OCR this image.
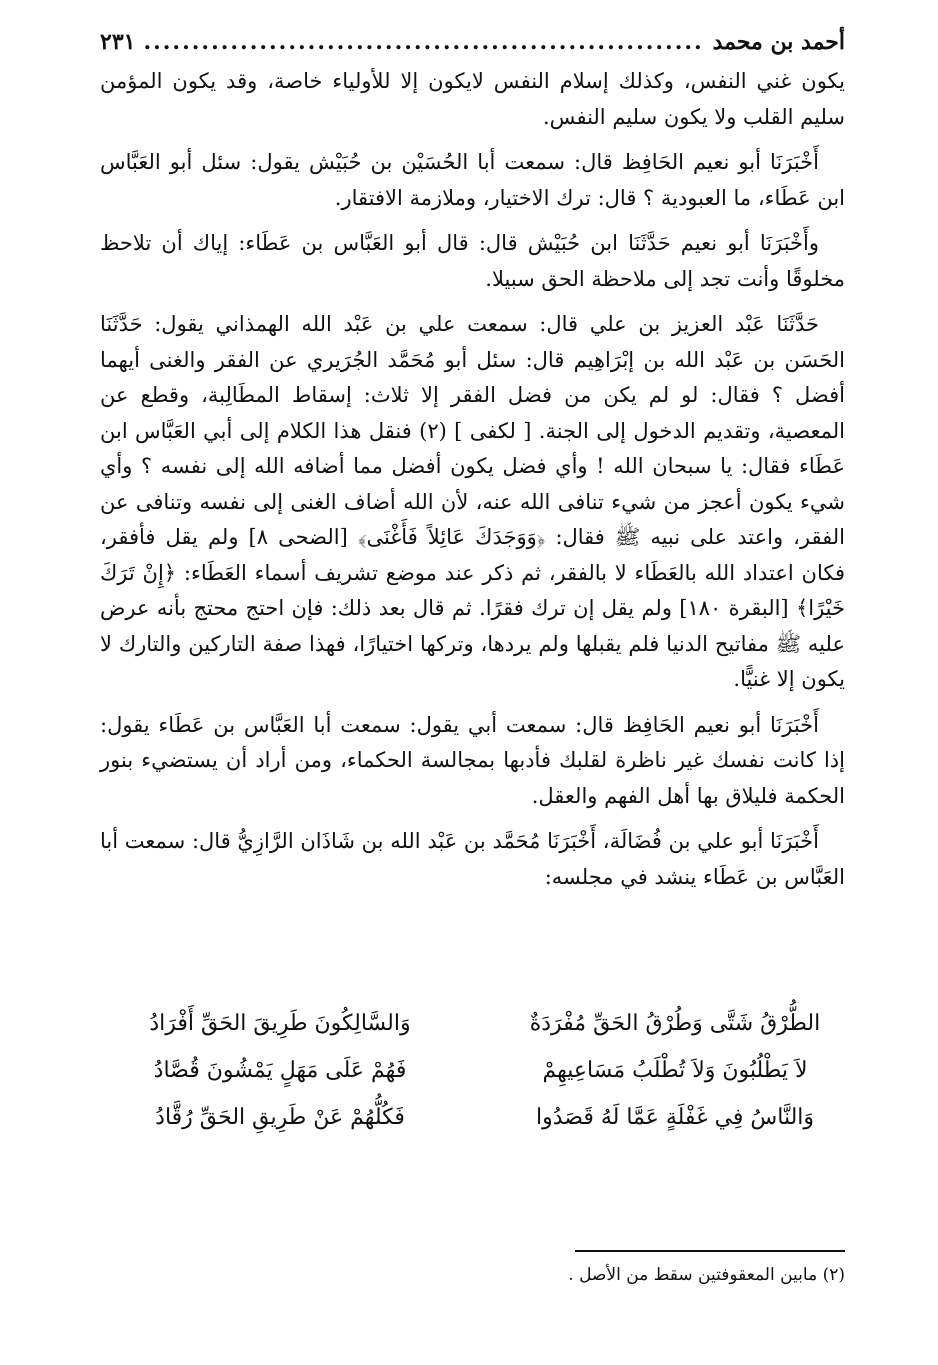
أحمد بن محمد
..........................................................
٢٣١

يكون غني النفس، وكذلك إسلام النفس لايكون إلا للأولياء خاصة، وقد يكون المؤمن سليم القلب ولا يكون سليم النفس.

أَخْبَرَنَا أبو نعيم الحَافِظ قال: سمعت أبا الحُسَيْن بن حُبَيْش يقول: سئل أبو العَبَّاس ابن عَطَاء، ما العبودية ؟ قال: ترك الاختيار، وملازمة الافتقار.

وأَخْبَرَنَا أبو نعيم حَدَّثَنَا ابن حُبَيْش قال: قال أبو العَبَّاس بن عَطَاء: إياك أن تلاحظ مخلوقًا وأنت تجد إلى ملاحظة الحق سبيلا.

حَدَّثَنَا عَبْد العزيز بن علي قال: سمعت علي بن عَبْد الله الهمذاني يقول: حَدَّثَنَا الحَسَن بن عَبْد الله بن إبْرَاهِيم قال: سئل أبو مُحَمَّد الجُرَيري عن الفقر والغنى أيهما أفضل ؟ فقال: لو لم يكن من فضل الفقر إلا ثلاث: إسقاط المطَالِبة، وقطع عن المعصية، وتقديم الدخول إلى الجنة. [ لكفى ] (٢) فنقل هذا الكلام إلى أبي العَبَّاس ابن عَطَاء فقال: يا سبحان الله ! وأي فضل يكون أفضل مما أضافه الله إلى نفسه ؟ وأي شيء يكون أعجز من شيء تنافى الله عنه، لأن الله أضاف الغنى إلى نفسه وتنافى عن الفقر، واعتد على نبيه ﷺ فقال: ﴿وَوَجَدَكَ عَائِلاً فَأَغْنَى﴾ [الضحى ٨] ولم يقل فأفقر، فكان اعتداد الله بالعَطَاء لا بالفقر، ثم ذكر عند موضع تشريف أسماء العَطَاء: ﴿إِنْ تَرَكَ خَيْرًا﴾ [البقرة ١٨٠] ولم يقل إن ترك فقرًا. ثم قال بعد ذلك: فإن احتج محتج بأنه عرض عليه ﷺ مفاتيح الدنيا فلم يقبلها ولم يردها، وتركها اختيارًا، فهذا صفة التاركين والتارك لا يكون إلا غنيًّا.

أَخْبَرَنَا أبو نعيم الحَافِظ قال: سمعت أبي يقول: سمعت أبا العَبَّاس بن عَطَاء يقول: إذا كانت نفسك غير ناظرة لقلبك فأدبها بمجالسة الحكماء، ومن أراد أن يستضيء بنور الحكمة فليلاق بها أهل الفهم والعقل.

أَخْبَرَنَا أبو علي بن فُضَالَة، أَخْبَرَنَا مُحَمَّد بن عَبْد الله بن شَاذَان الرَّازِيُّ قال: سمعت أبا العَبَّاس بن عَطَاء ينشد في مجلسه:

الطُّرْقُ شَتَّى وَطُرْقُ الحَقِّ مُفْرَدَةٌ
وَالسَّالِكُونَ طَرِيقَ الحَقِّ أَفْرَادُ
لاَ يَطْلُبُونَ وَلاَ تُطْلَبُ مَسَاعِيهِمْ
فَهُمْ عَلَى مَهَلٍ يَمْشُونَ قُصَّادُ
وَالنَّاسُ فِي غَفْلَةٍ عَمَّا لَهُ قَصَدُوا
فَكُلُّهُمْ عَنْ طَرِيقِ الحَقِّ رُقَّادُ
(٢) مابين المعقوفتين سقط من الأصل .
